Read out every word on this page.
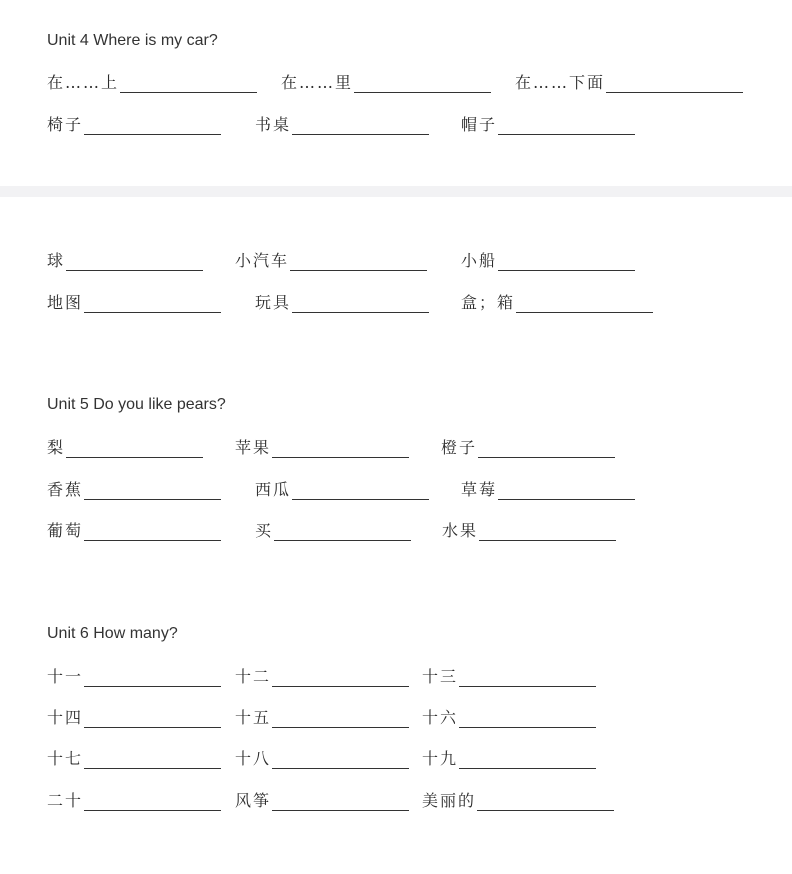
Unit 4 Where is my car?
在……上	在……里	在……下面
椅子	书桌	帽子
球	小汽车	小船
地图	玩具	盒；箱
Unit 5 Do you like pears?
梨	苹果	橙子
香蕉	西瓜	草莓
葡萄	买	水果
Unit 6 How many?
十一	十二	十三
十四	十五	十六
十七	十八	十九
二十	风筝	美丽的
